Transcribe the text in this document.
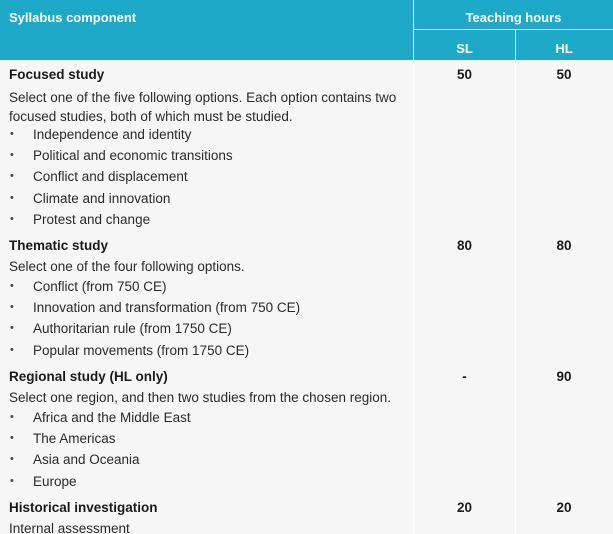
Syllabus component	Teaching hours
SL	HL
Focused study	50	50
Select one of the five following options. Each option contains two
focused studies, both of which must be studied.
• Independence and identity
• Political and economic transitions
• Conflict and displacement
• Climate and innovation
• Protest and change
Thematic study	80	80
Select one of the four following options.
• Conflict (from 750 CE)
• Innovation and transformation (from 750 CE)
• Authoritarian rule (from 1750 CE)
• Popular movements (from 1750 CE)
Regional study (HL only)	-	90
Select one region, and then two studies from the chosen region.
• Africa and the Middle East
• The Americas
• Asia and Oceania
• Europe
Historical investigation	20	20
Internal assessment
